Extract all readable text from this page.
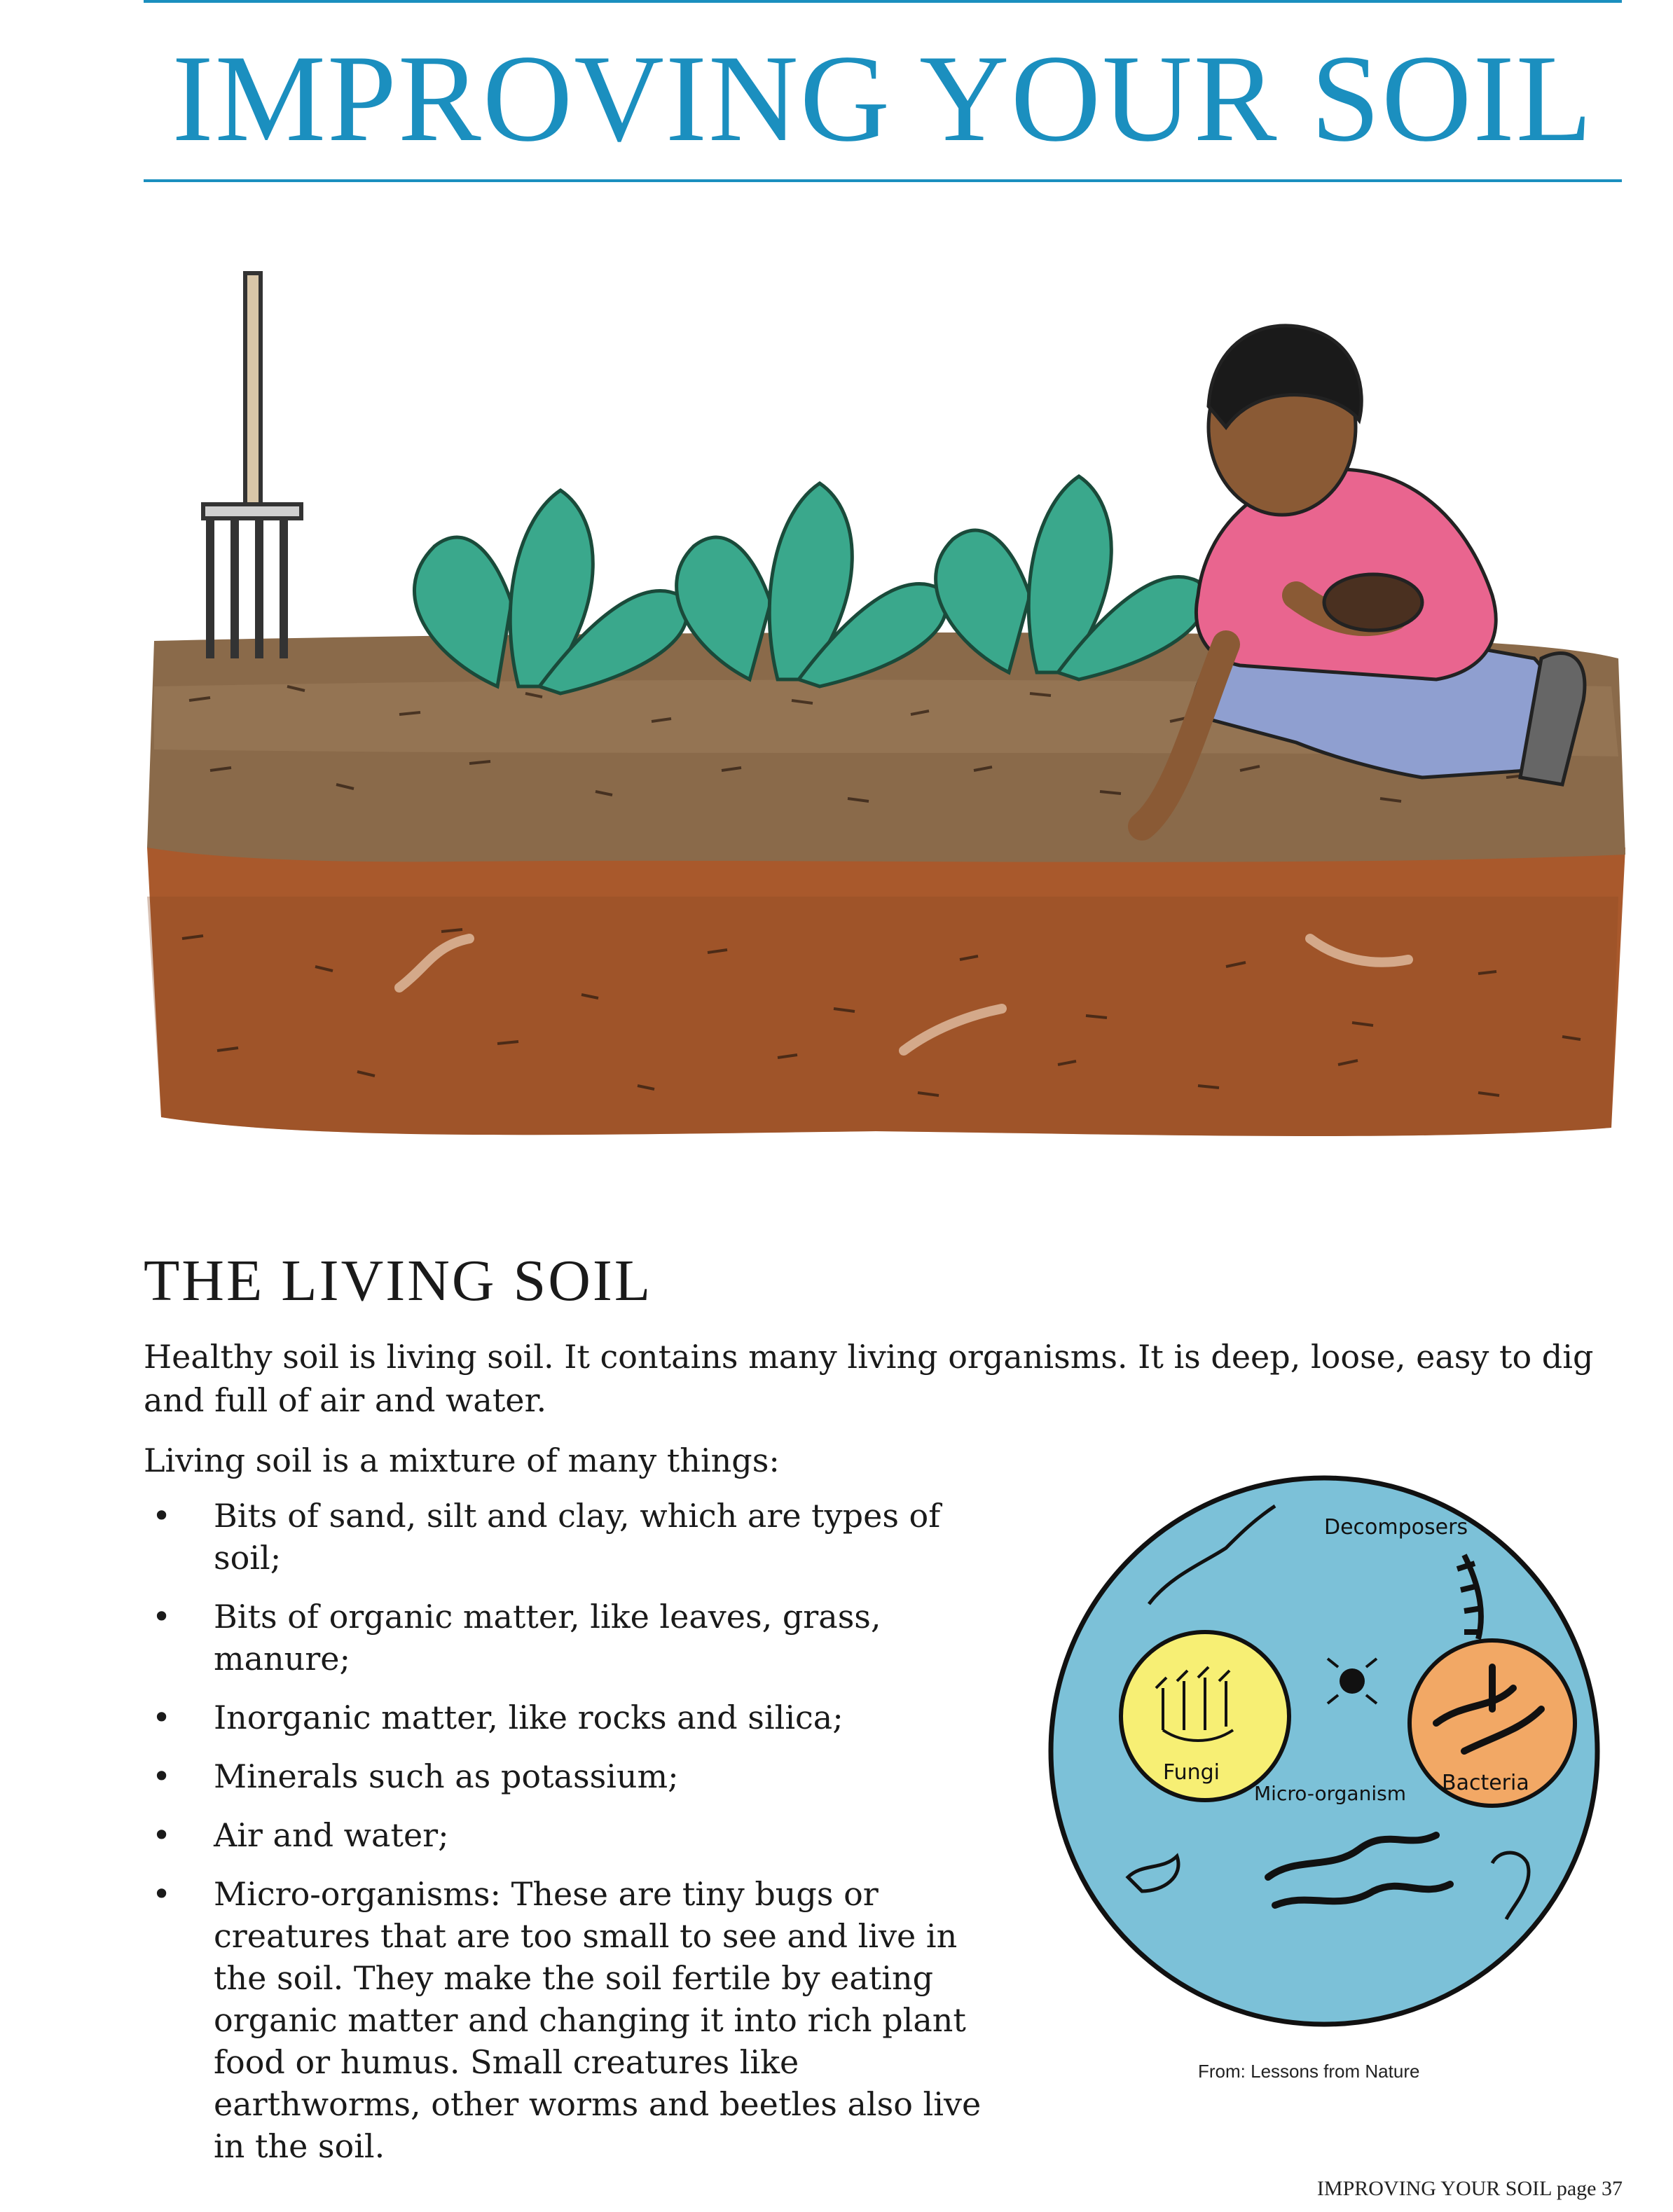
IMPROVING YOUR SOIL
THE LIVING SOIL

Healthy soil is living soil. It contains many living organisms. It is deep, loose, easy to dig and full of air and water.

Living soil is a mixture of many things:

• Bits of sand, silt and clay, which are types of soil;
• Bits of organic matter, like leaves, grass, manure;
• Inorganic matter, like rocks and silica;
• Minerals such as potassium;
• Air and water;
• Micro-organisms: These are tiny bugs or creatures that are too small to see and live in the soil. They make the soil fertile by eating organic matter and changing it into rich plant food or humus. Small creatures like earthworms, other worms and beetles also live in the soil.
Decomposers
Fungi	Bacteria
Micro-organism
From: Lessons from Nature
IMPROVING YOUR SOIL page 37
